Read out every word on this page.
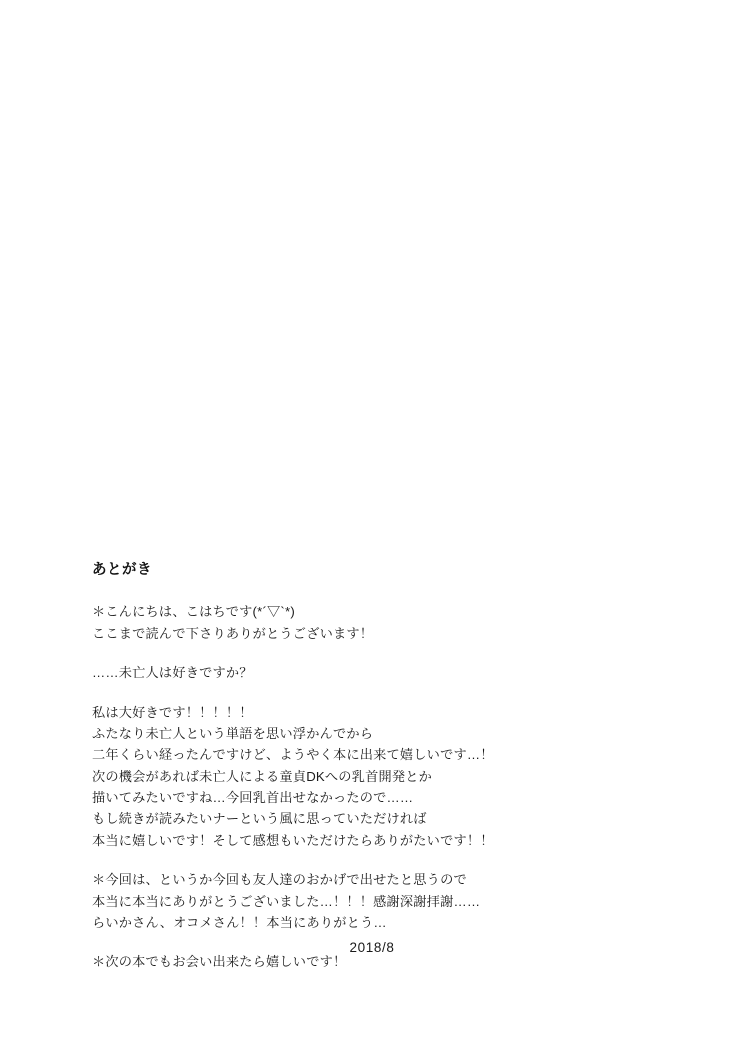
あとがき

＊こんにちは、こはちです(*´▽`*)

ここまで読んで下さりありがとうございます！

……未亡人は好きですか？

私は大好きです！！！！！

ふたなり未亡人という単語を思い浮かんでから

二年くらい経ったんですけど、ようやく本に出来て嬉しいです…！

次の機会があれば未亡人による童貞DKへの乳首開発とか

描いてみたいですね…今回乳首出せなかったので……

もし続きが読みたいナーという風に思っていただければ

本当に嬉しいです！そして感想もいただけたらありがたいです！！

＊今回は、というか今回も友人達のおかげで出せたと思うので

本当に本当にありがとうございました…！！！感謝深謝拝謝……

らいかさん、オコメさん！！本当にありがとう…

＊次の本でもお会い出来たら嬉しいです！

2018/8
